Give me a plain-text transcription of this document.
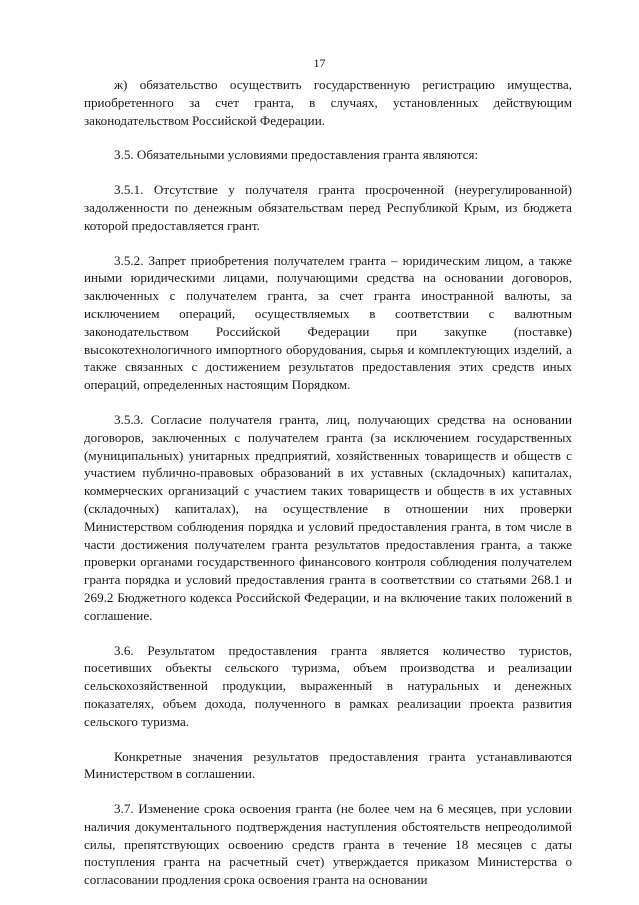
17

ж) обязательство осуществить государственную регистрацию имущества, приобретенного за счет гранта, в случаях, установленных действующим законодательством Российской Федерации.

3.5. Обязательными условиями предоставления гранта являются:

3.5.1. Отсутствие у получателя гранта просроченной (неурегулированной) задолженности по денежным обязательствам перед Республикой Крым, из бюджета которой предоставляется грант.

3.5.2. Запрет приобретения получателем гранта – юридическим лицом, а также иными юридическими лицами, получающими средства на основании договоров, заключенных с получателем гранта, за счет гранта иностранной валюты, за исключением операций, осуществляемых в соответствии с валютным законодательством Российской Федерации при закупке (поставке) высокотехнологичного импортного оборудования, сырья и комплектующих изделий, а также связанных с достижением результатов предоставления этих средств иных операций, определенных настоящим Порядком.

3.5.3. Согласие получателя гранта, лиц, получающих средства на основании договоров, заключенных с получателем гранта (за исключением государственных (муниципальных) унитарных предприятий, хозяйственных товариществ и обществ с участием публично-правовых образований в их уставных (складочных) капиталах, коммерческих организаций с участием таких товариществ и обществ в их уставных (складочных) капиталах), на осуществление в отношении них проверки Министерством соблюдения порядка и условий предоставления гранта, в том числе в части достижения получателем гранта результатов предоставления гранта, а также проверки органами государственного финансового контроля соблюдения получателем гранта порядка и условий предоставления гранта в соответствии со статьями 268.1 и 269.2 Бюджетного кодекса Российской Федерации, и на включение таких положений в соглашение.

3.6. Результатом предоставления гранта является количество туристов, посетивших объекты сельского туризма, объем производства и реализации сельскохозяйственной продукции, выраженный в натуральных и денежных показателях, объем дохода, полученного в рамках реализации проекта развития сельского туризма.

Конкретные значения результатов предоставления гранта устанавливаются Министерством в соглашении.

3.7. Изменение срока освоения гранта (не более чем на 6 месяцев, при условии наличия документального подтверждения наступления обстоятельств непреодолимой силы, препятствующих освоению средств гранта в течение 18 месяцев с даты поступления гранта на расчетный счет) утверждается приказом Министерства о согласовании продления срока освоения гранта на основании
